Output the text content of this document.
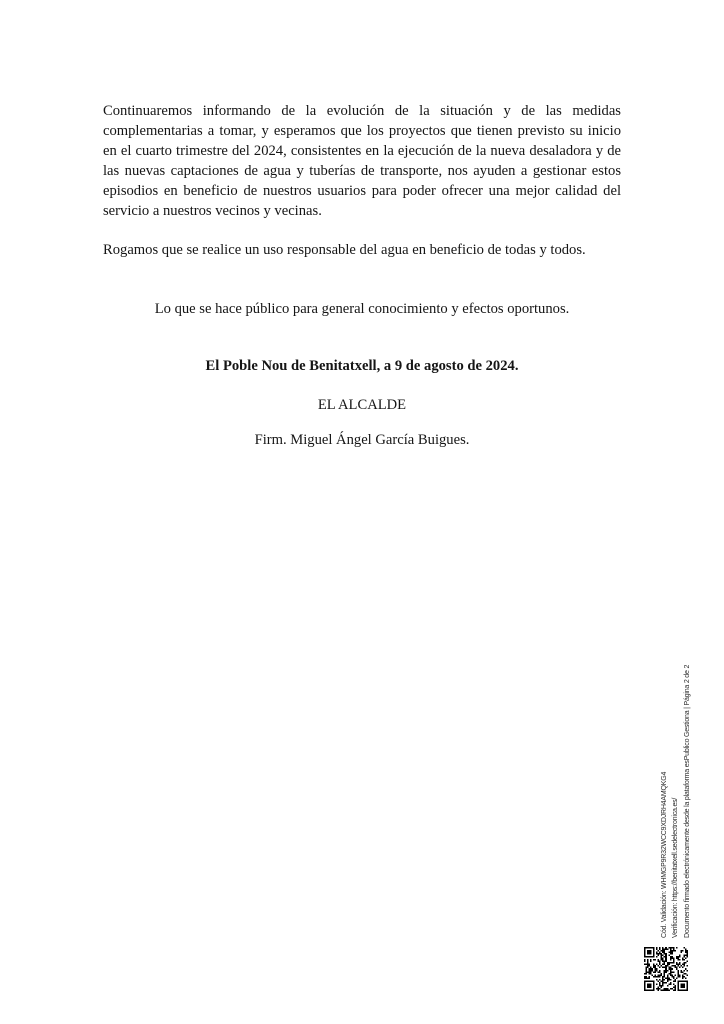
Continuaremos informando de la evolución de la situación y de las medidas complementarias a tomar, y esperamos que los proyectos que tienen previsto su inicio en el cuarto trimestre del 2024, consistentes en la ejecución de la nueva desaladora y de las nuevas captaciones de agua y tuberías de transporte, nos ayuden a gestionar estos episodios en beneficio de nuestros usuarios para poder ofrecer una mejor calidad del servicio a nuestros vecinos y vecinas.

Rogamos que se realice un uso responsable del agua en beneficio de todas y todos.

Lo que se hace público para general conocimiento y efectos oportunos.

El Poble Nou de Benitatxell, a 9 de agosto de 2024.

EL ALCALDE

Firm. Miguel Ángel García Buigues.

Cód. Validación: WHMGP9R32WCC9XDJRH4AMQKG4 Verificación: https://benitatxell.sedelectronica.es/ Documento firmado electrónicamente desde la plataforma esPublico Gestiona | Página 2 de 2
